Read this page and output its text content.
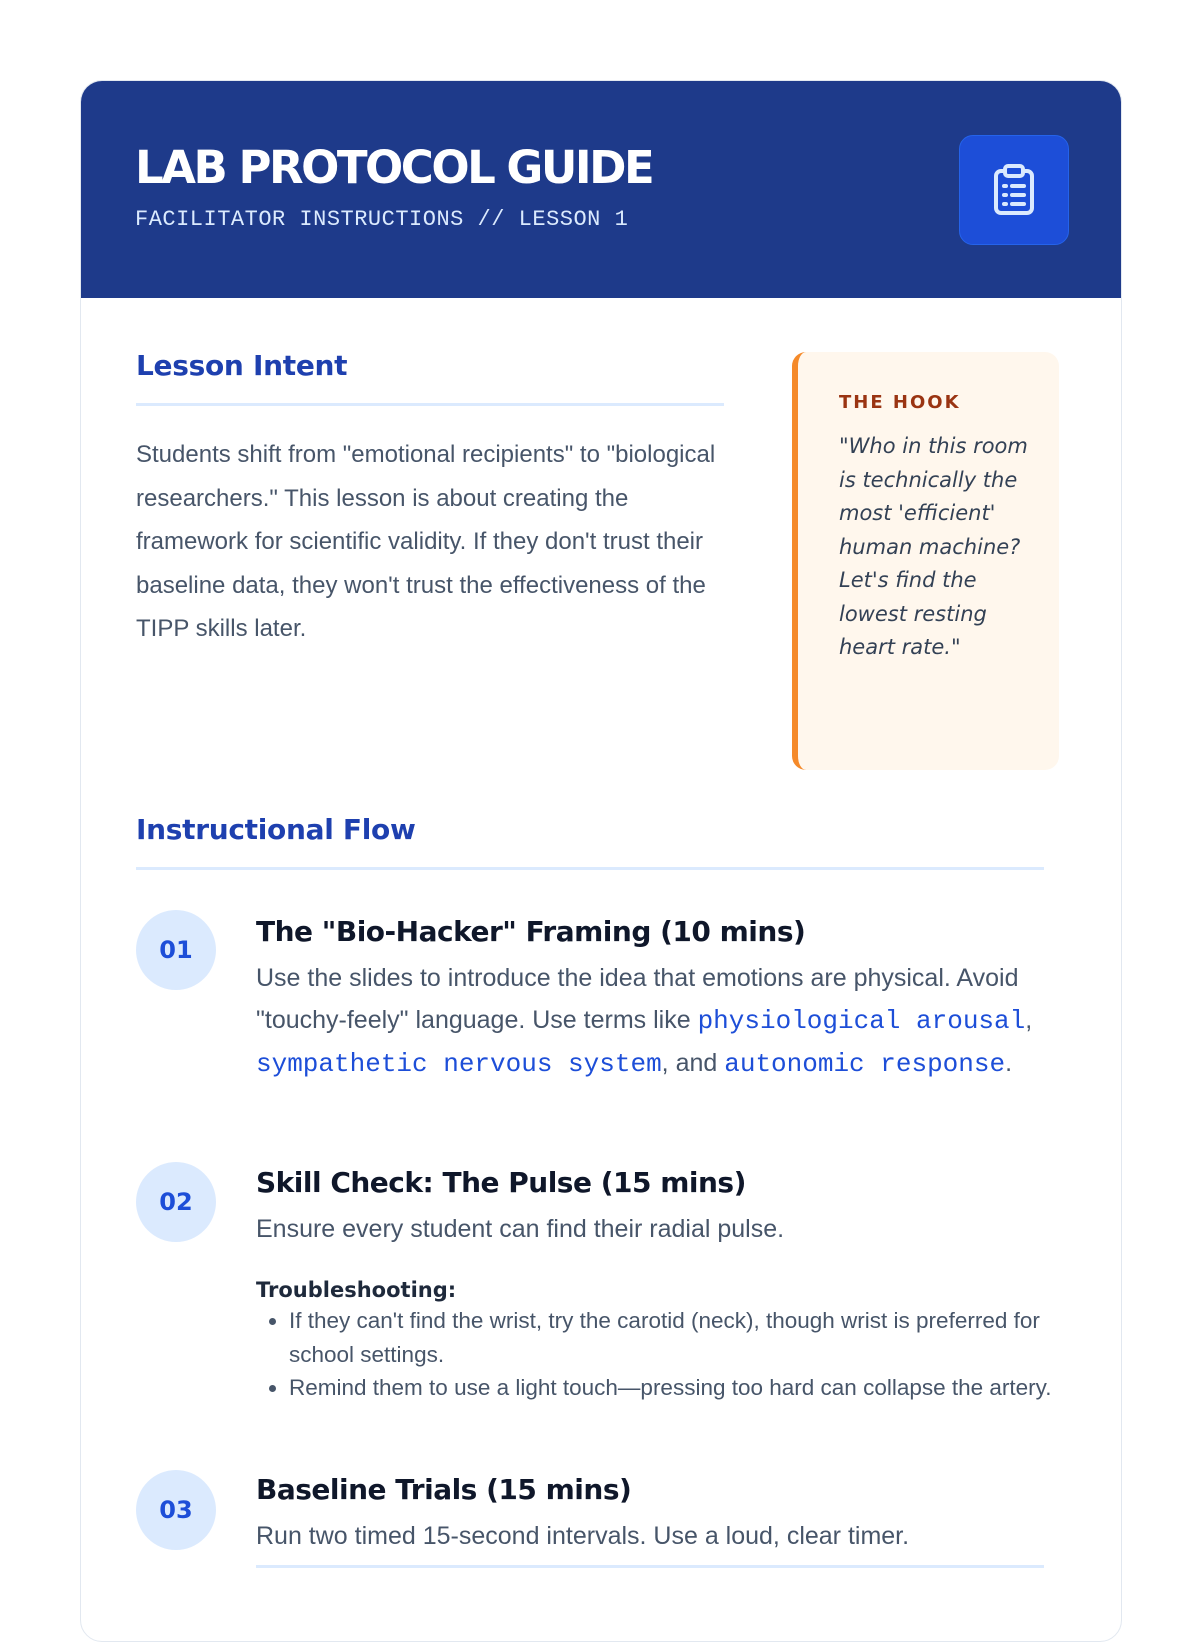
LAB PROTOCOL GUIDE
FACILITATOR INSTRUCTIONS // LESSON 1
Lesson Intent
Students shift from "emotional recipients" to "biological researchers." This lesson is about creating the framework for scientific validity. If they don't trust their baseline data, they won't trust the effectiveness of the TIPP skills later.
THE HOOK
"Who in this room is technically the most 'efficient' human machine? Let's find the lowest resting heart rate."
Instructional Flow
01
The "Bio-Hacker" Framing (10 mins)
Use the slides to introduce the idea that emotions are physical. Avoid "touchy-feely" language. Use terms like physiological arousal, sympathetic nervous system, and autonomic response.
02
Skill Check: The Pulse (15 mins)
Ensure every student can find their radial pulse.
Troubleshooting:
• If they can't find the wrist, try the carotid (neck), though wrist is preferred for school settings.
• Remind them to use a light touch—pressing too hard can collapse the artery.
03
Baseline Trials (15 mins)
Run two timed 15-second intervals. Use a loud, clear timer.
